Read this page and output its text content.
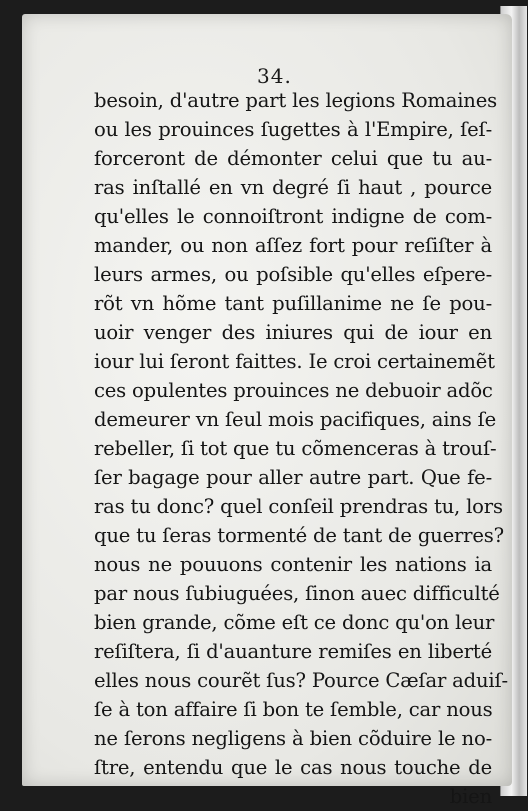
34.
besoin, d'autre part les legions Romaines
ou les prouinces ſugettes à l'Empire, ſeſ-
forceront de démonter celui que tu au-
ras inſtallé en vn degré ſi haut , pource
qu'elles le connoiſtront indigne de com-
mander, ou non aſſez fort pour reſiſter à
leurs armes, ou poſsible qu'elles eſpere-
rõt vn hõme tant puſillanime ne ſe pou-
uoir venger des iniures qui de iour en
iour lui ſeront faittes. Ie croi certainemẽt
ces opulentes prouinces ne debuoir adõc
demeurer vn ſeul mois pacifiques, ains ſe
rebeller, ſi tot que tu cõmenceras à trouſ-
ſer bagage pour aller autre part. Que fe-
ras tu donc? quel conſeil prendras tu, lors
que tu ſeras tormenté de tant de guerres?
nous ne pouuons contenir les nations ia
par nous ſubiuguées, ſinon auec difficulté
bien grande, cõme eſt ce donc qu'on leur
reſiſtera, ſi d'auanture remiſes en liberté
elles nous courẽt ſus? Pource Cæſar aduiſ-
ſe à ton affaire ſi bon te ſemble, car nous
ne ſerons negligens à bien cõduire le no-
ſtre, entendu que le cas nous touche de
bien
